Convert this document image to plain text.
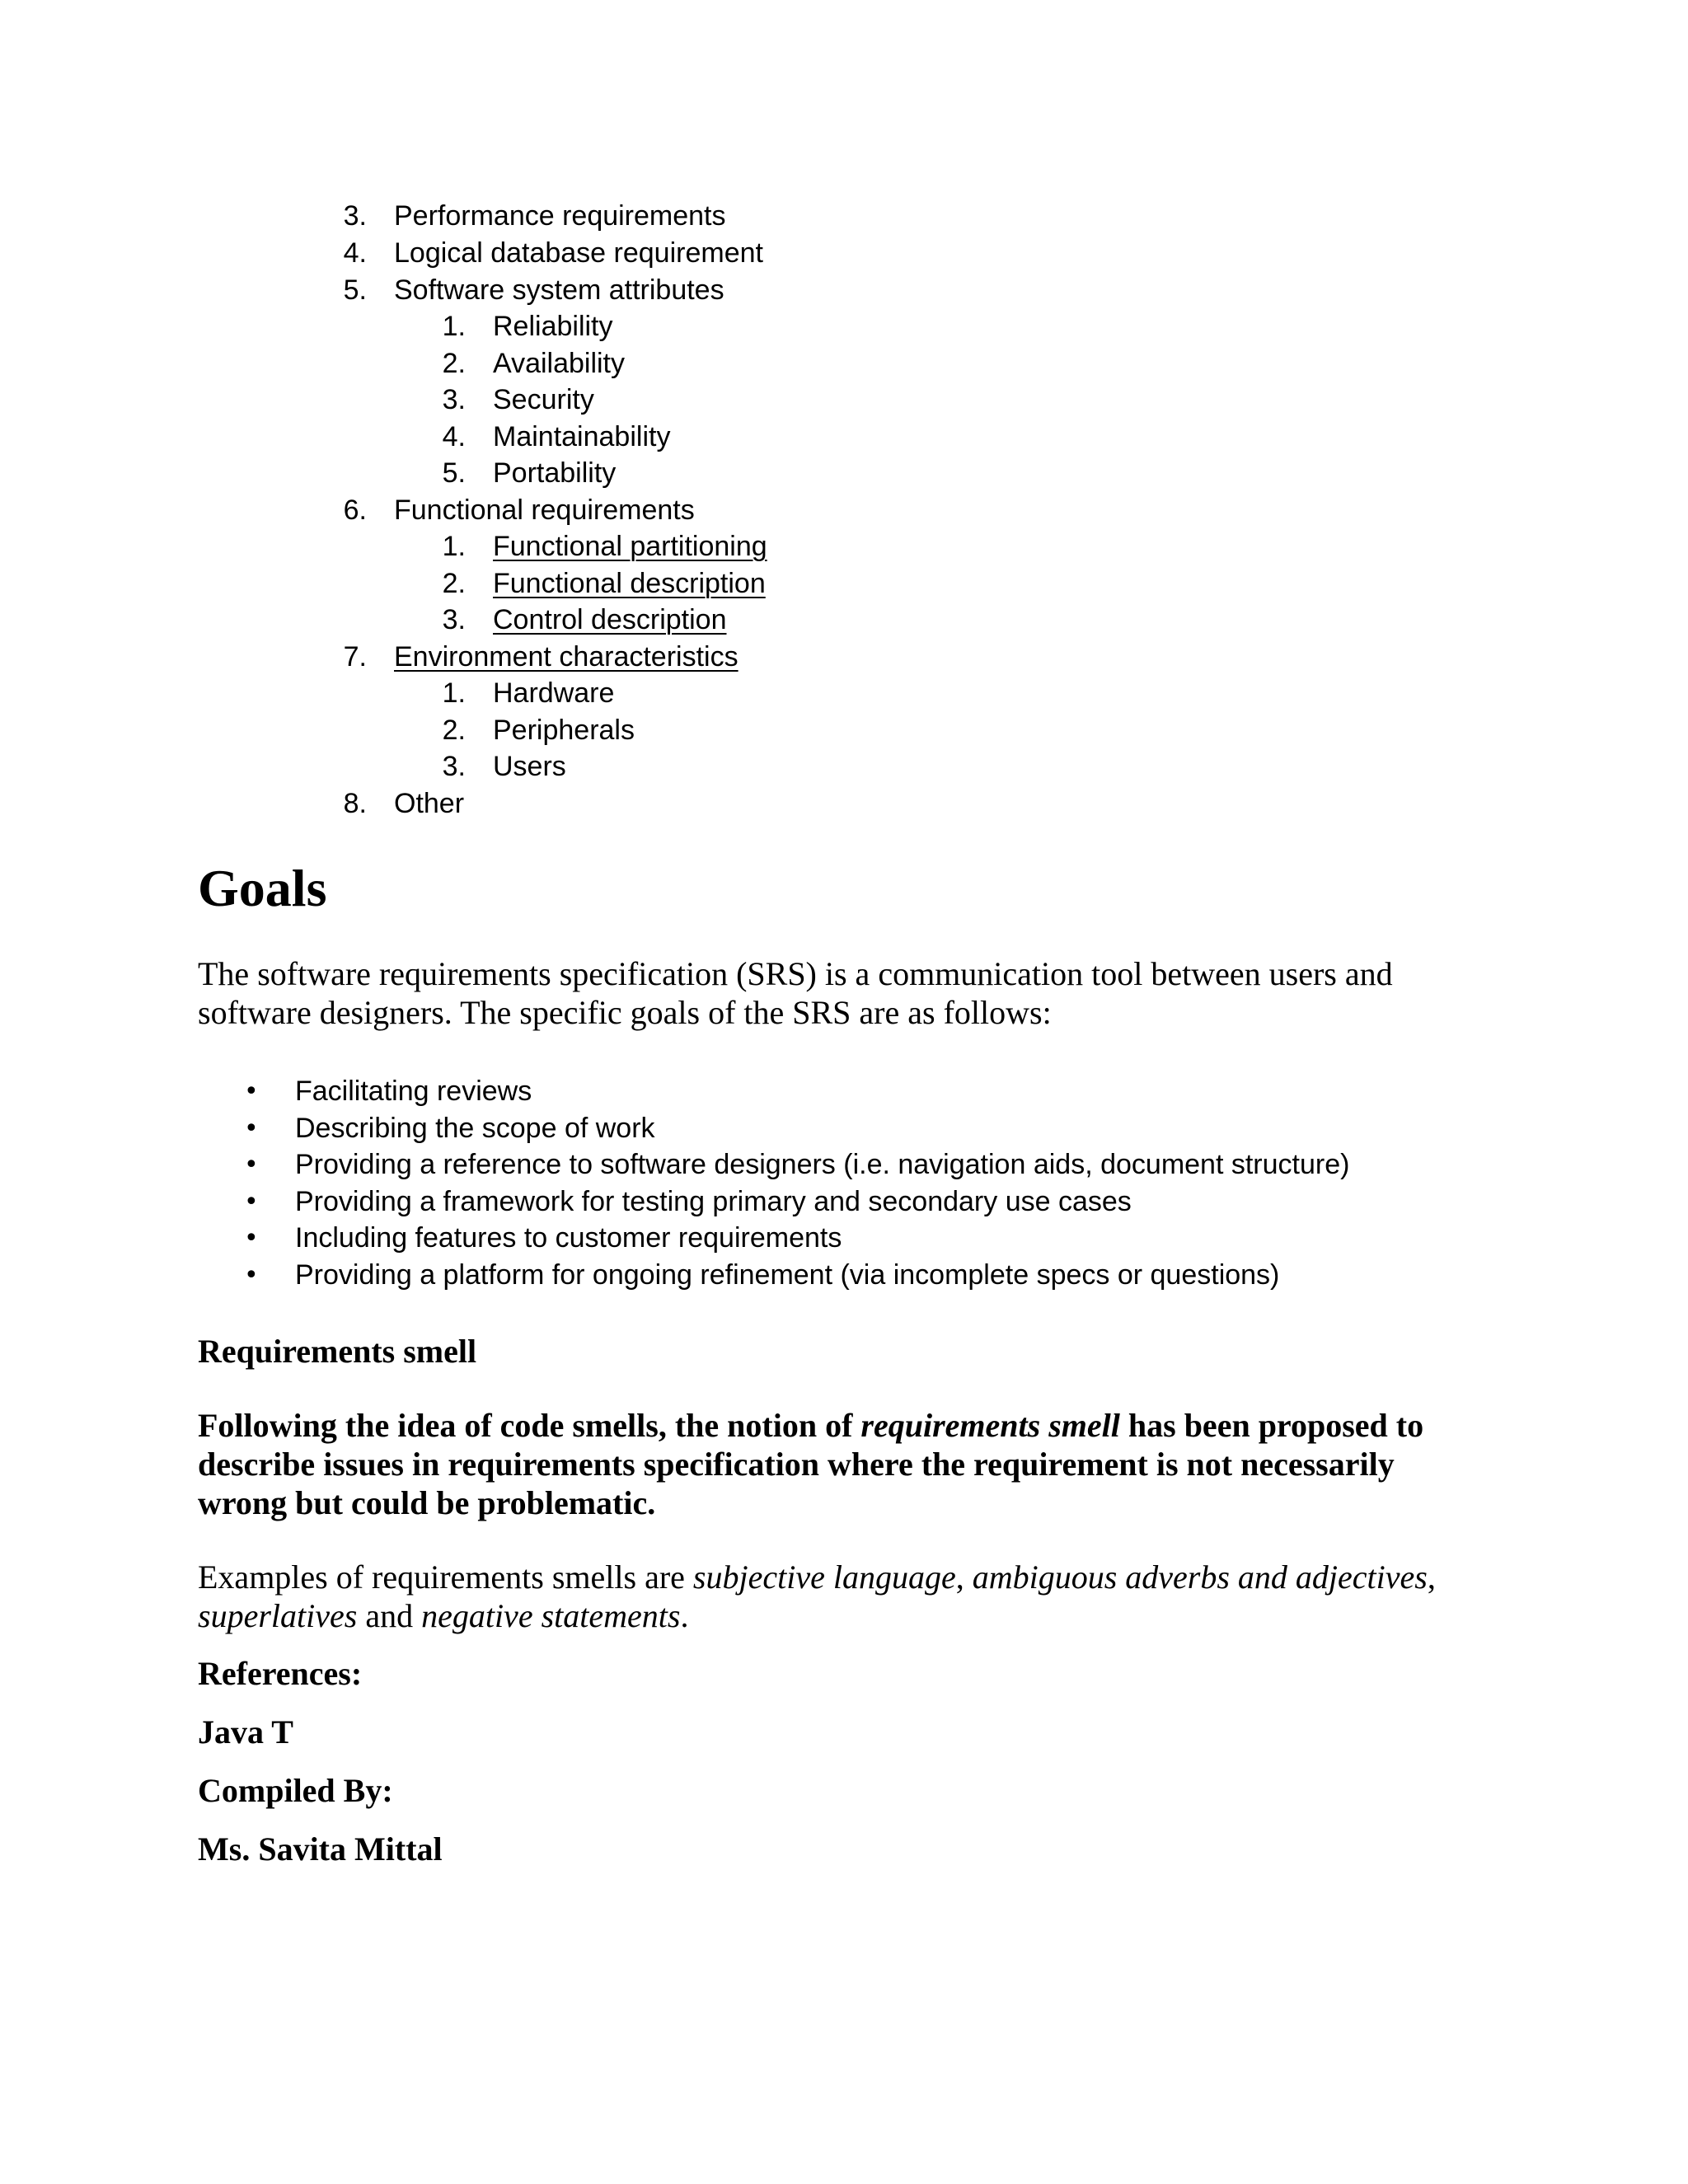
3. Performance requirements
4. Logical database requirement
5. Software system attributes
1. Reliability
2. Availability
3. Security
4. Maintainability
5. Portability
6. Functional requirements
1. Functional partitioning
2. Functional description
3. Control description
7. Environment characteristics
1. Hardware
2. Peripherals
3. Users
8. Other
Goals
The software requirements specification (SRS) is a communication tool between users and software designers. The specific goals of the SRS are as follows:
• Facilitating reviews
• Describing the scope of work
• Providing a reference to software designers (i.e. navigation aids, document structure)
• Providing a framework for testing primary and secondary use cases
• Including features to customer requirements
• Providing a platform for ongoing refinement (via incomplete specs or questions)
Requirements smell
Following the idea of code smells, the notion of requirements smell has been proposed to describe issues in requirements specification where the requirement is not necessarily wrong but could be problematic.
Examples of requirements smells are subjective language, ambiguous adverbs and adjectives, superlatives and negative statements.
References:
Java T
Compiled By:
Ms. Savita Mittal
